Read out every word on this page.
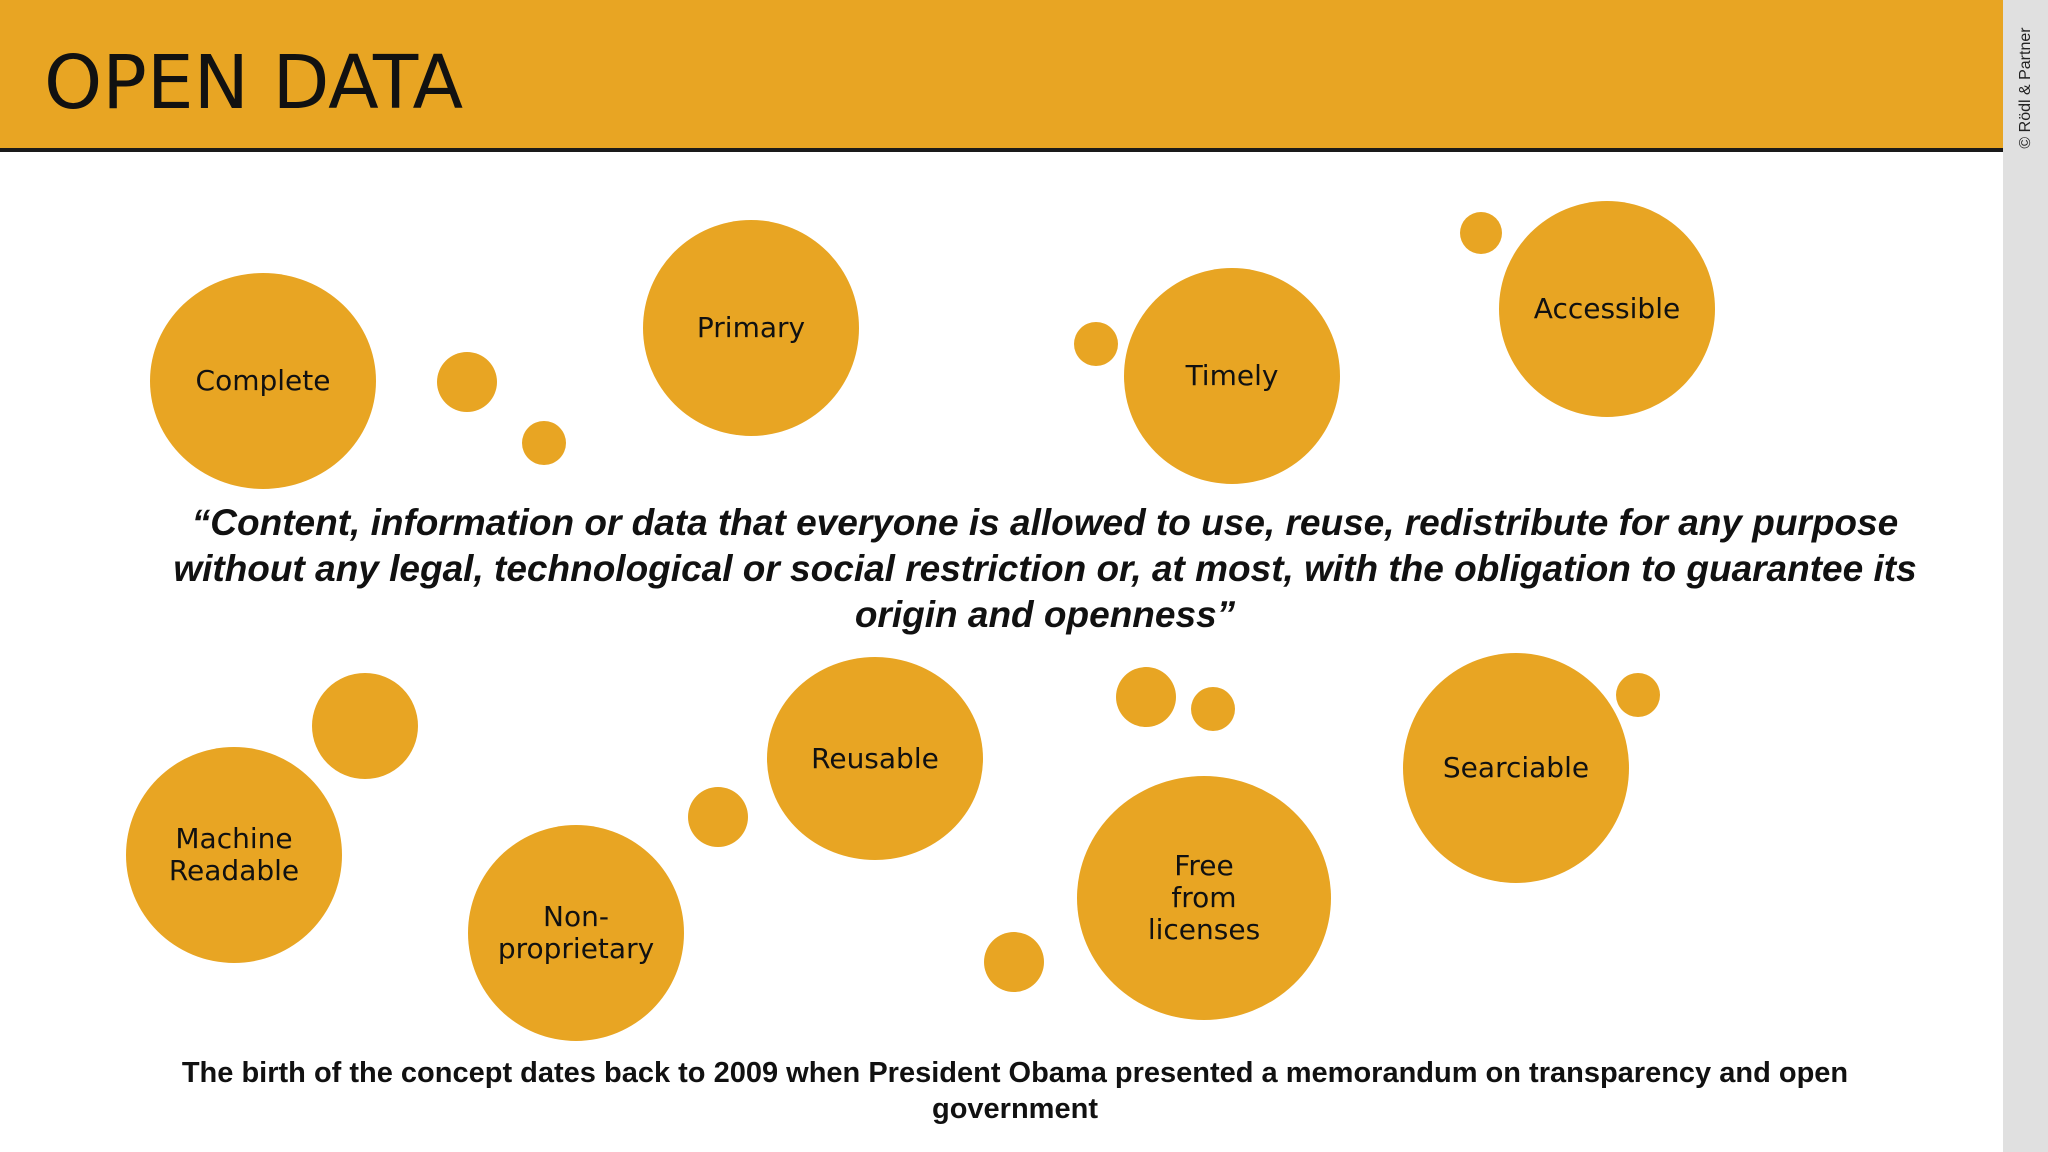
OPEN DATA	© Rödl & Partner
Complete
Primary
Timely
Accessible
Machine
Readable
Non-
proprietary
Reusable
Free
from
licenses
Searciable

“Content, information or data that everyone is allowed to use, reuse, redistribute for any purpose without any legal, technological or social restriction or, at most, with the obligation to guarantee its origin and openness”

The birth of the concept dates back to 2009 when President Obama presented a memorandum on transparency and open government
